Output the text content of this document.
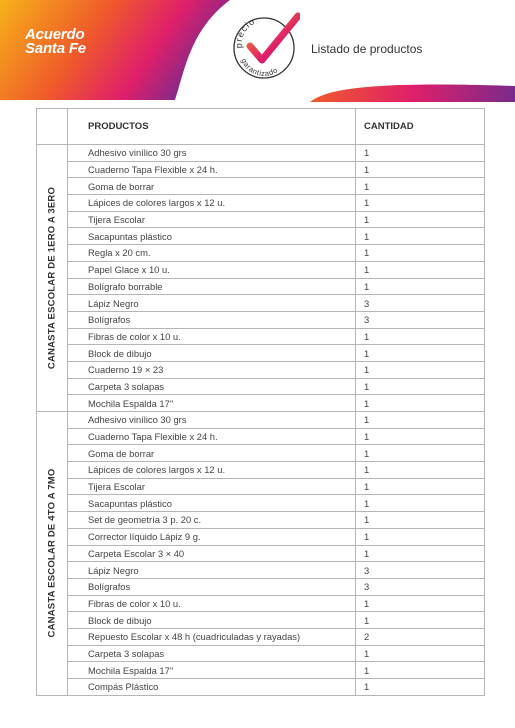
Acuerdo
Santa Fe	precio
garantizado
Listado de productos
	PRODUCTOS	CANTIDAD

CANASTA ESCOLAR DE 1ERO A 3ERO	Adhesivo vinílico 30 grs	1
	Cuaderno Tapa Flexible x 24 h.	1
	Goma de borrar	1
	Lápices de colores largos x 12 u.	1
	Tijera Escolar	1
	Sacapuntas plástico	1
	Regla x 20 cm.	1
	Papel Glace x 10 u.	1
	Bolígrafo borrable	1
	Lápiz Negro	3
	Bolígrafos	3
	Fibras de color x 10 u.	1
	Block de dibujo	1
	Cuaderno 19 × 23	1
	Carpeta 3 solapas	1
	Mochila Espalda 17''	1

CANASTA ESCOLAR DE 4TO A 7MO	Adhesivo vinílico 30 grs	1
	Cuaderno Tapa Flexible x 24 h.	1
	Goma de borrar	1
	Lápices de colores largos x 12 u.	1
	Tijera Escolar	1
	Sacapuntas plástico	1
	Set de geometría 3 p. 20 c.	1
	Corrector líquido Lápiz 9 g.	1
	Carpeta Escolar 3 × 40	1
	Lápiz Negro	3
	Bolígrafos	3
	Fibras de color x 10 u.	1
	Block de dibujo	1
	Repuesto Escolar x 48 h (cuadriculadas y rayadas)	2
	Carpeta 3 solapas	1
	Mochila Espalda 17''	1
	Compás Plástico	1
